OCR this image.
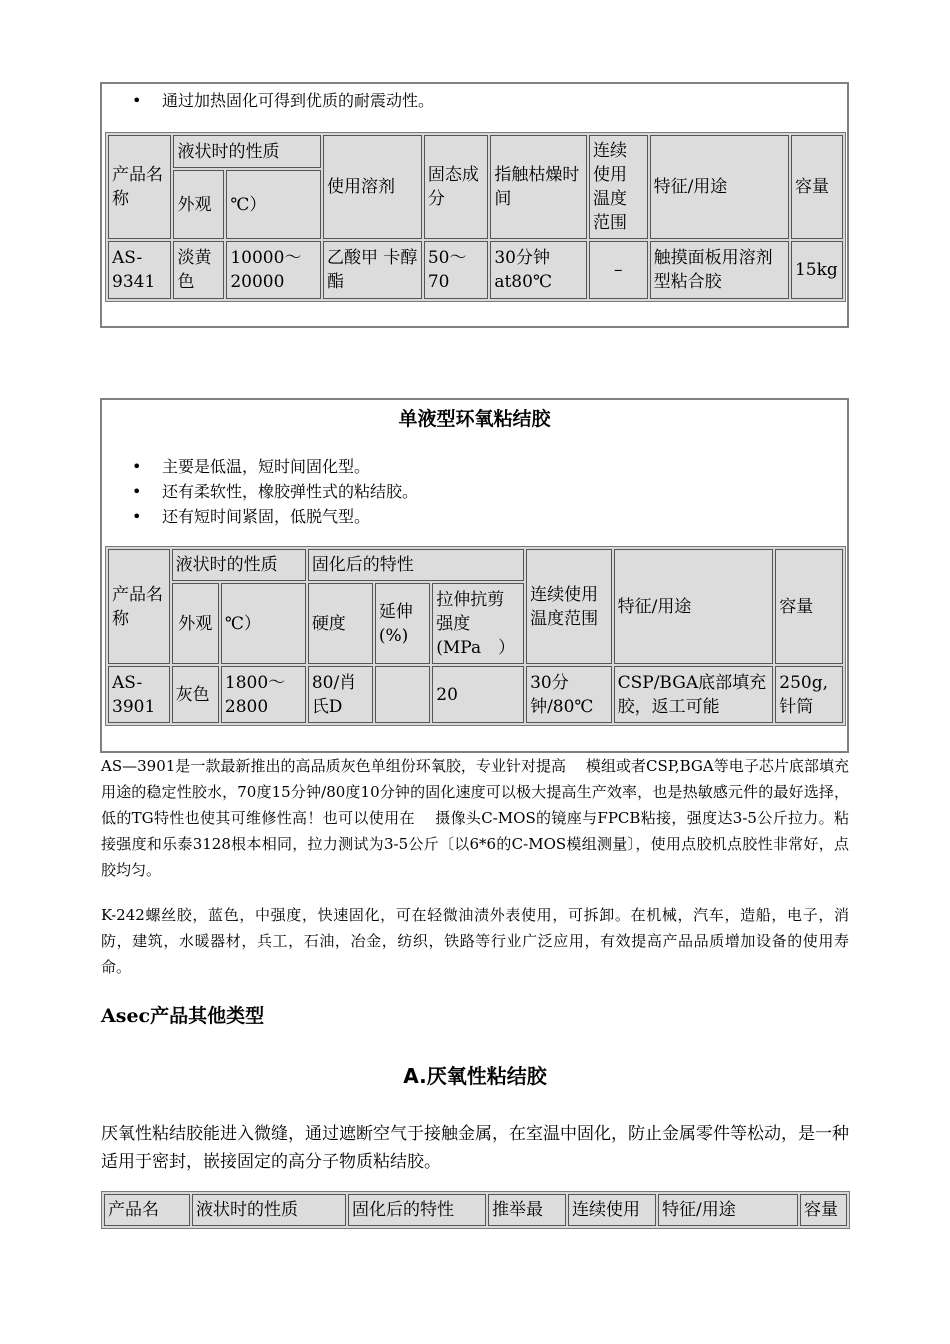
• 通过加热固化可得到优质的耐震动性。
产品名称	液状时的性质		使用溶剂	固态成分	指触枯燥时间	连续使用温度范围	特征/用途	容量
	外观	℃）						
AS-9341	淡黄色	10000～20000	乙酸甲 卡醇酯	50～70	30分钟at80℃	–	触摸面板用溶剂型粘合胶	15kg
单液型环氧粘结胶
• 主要是低温，短时间固化型。
• 还有柔软性，橡胶弹性式的粘结胶。
• 还有短时间紧固，低脱气型。
产品名称	液状时的性质		固化后的特性			连续使用温度范围	特征/用途	容量
	外观	℃）	硬度	延伸(%)	拉伸抗剪强度(MPa　）			
AS-3901	灰色	1800～2800	80/肖氏D		20	30分钟/80℃	CSP/BGA底部填充胶，返工可能	250g,针筒
AS—3901是一款最新推出的高品质灰色单组份环氧胶，专业针对提高　 模组或者CSP,BGA等电子芯片底部填充用途的稳定性胶水，70度15分钟/80度10分钟的固化速度可以极大提高生产效率，也是热敏感元件的最好选择，低的TG特性也使其可维修性高！也可以使用在　 摄像头C-MOS的镜座与FPCB粘接，强度达3-5公斤拉力。粘接强度和乐泰3128根本相同，拉力测试为3-5公斤〔以6*6的C-MOS模组测量〕，使用点胶机点胶性非常好，点胶均匀。
K-242螺丝胶，蓝色，中强度，快速固化，可在轻微油渍外表使用，可拆卸。在机械，汽车，造船，电子，消防，建筑，水暖器材，兵工，石油，冶金，纺织，铁路等行业广泛应用，有效提高产品品质增加设备的使用寿命。
Asec产品其他类型
A.厌氧性粘结胶
厌氧性粘结胶能进入微缝，通过遮断空气于接触金属，在室温中固化，防止金属零件等松动，是一种适用于密封，嵌接固定的高分子物质粘结胶。
产品名	液状时的性质	固化后的特性	推举最	连续使用	特征/用途	容量
